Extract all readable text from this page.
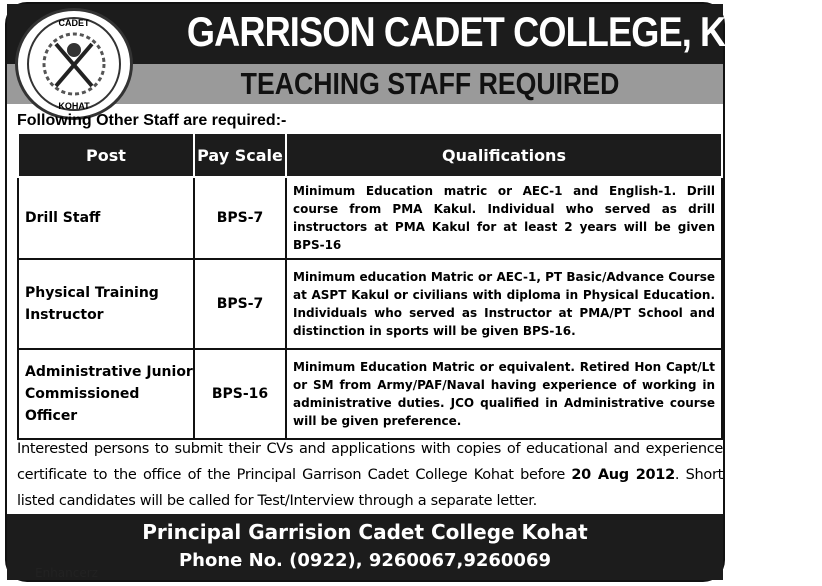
CADET
KOHAT
GARRISON CADET COLLEGE, KOHAT
TEACHING STAFF REQUIRED
Following Other Staff are required:-
Post	Pay Scale	Qualifications
Drill Staff	BPS-7	Minimum Education matric or AEC-1 and English-1. Drill course from PMA Kakul. Individual who served as drill instructors at PMA Kakul for at least 2 years will be given BPS-16
Physical Training Instructor	BPS-7	Minimum education Matric or AEC-1, PT Basic/Advance Course at ASPT Kakul or civilians with diploma in Physical Education. Individuals who served as Instructor at PMA/PT School and distinction in sports will be given BPS-16.
Administrative Junior Commissioned Officer	BPS-16	Minimum Education Matric or equivalent. Retired Hon Capt/Lt or SM from Army/PAF/Naval having experience of working in administrative duties. JCO qualified in Administrative course will be given preference.
Interested persons to submit their CVs and applications with copies of educational and experience certificate to the office of the Principal Garrison Cadet College Kohat before 20 Aug 2012. Short listed candidates will be called for Test/Interview through a separate letter.
Principal Garrision Cadet College Kohat
Phone No. (0922), 9260067,9260069
Enhancerz
